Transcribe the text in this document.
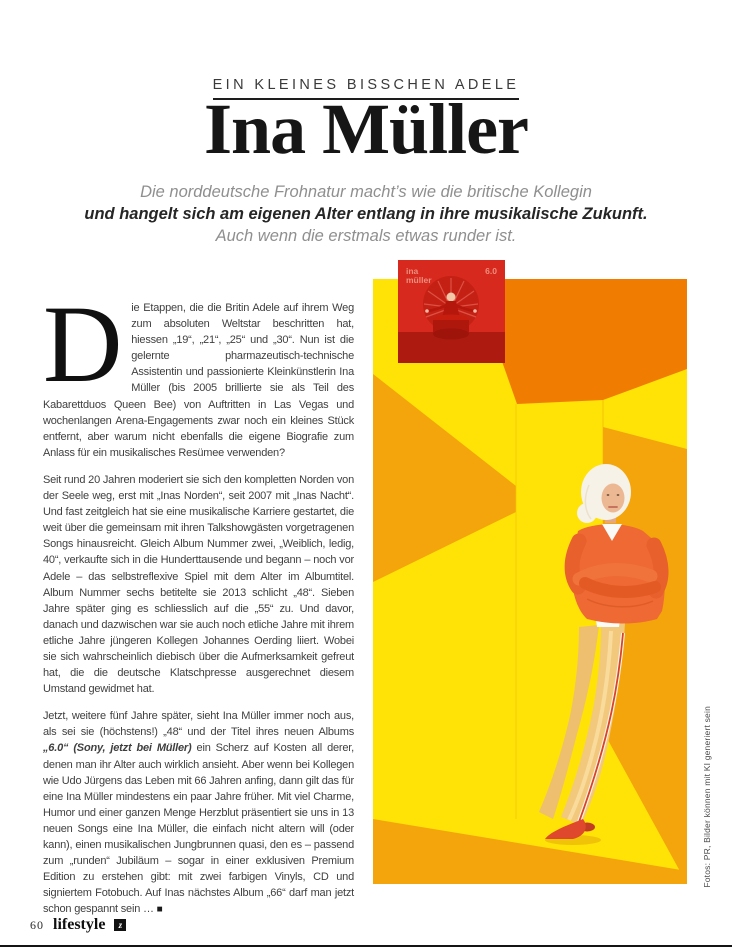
EIN KLEINES BISSCHEN ADELE
Ina Müller
Die norddeutsche Frohnatur macht’s wie die britische Kollegin
und hangelt sich am eigenen Alter entlang in ihre musikalische Zukunft.
Auch wenn die erstmals etwas runder ist.

Die Etappen, die die Britin Adele auf ihrem Weg zum absoluten Weltstar beschritten hat, hiessen „19“, „21“, „25“ und „30“. Nun ist die gelernte pharmazeutisch-technische Assistentin und passionierte Kleinkünstlerin Ina Müller (bis 2005 brillierte sie als Teil des Kabarettduos Queen Bee) von Auftritten in Las Vegas und wochenlangen Arena-Engagements zwar noch ein kleines Stück entfernt, aber warum nicht ebenfalls die eigene Biografie zum Anlass für ein musikalisches Resümee verwenden?

Seit rund 20 Jahren moderiert sie sich den kompletten Norden von der Seele weg, erst mit „Inas Norden“, seit 2007 mit „Inas Nacht“. Und fast zeitgleich hat sie eine musikalische Karriere gestartet, die weit über die gemeinsam mit ihren Talkshowgästen vorgetragenen Songs hinausreicht. Gleich Album Nummer zwei, „Weiblich, ledig, 40“, verkaufte sich in die Hunderttausende und begann – noch vor Adele – das selbstreflexive Spiel mit dem Alter im Albumtitel. Album Nummer sechs betitelte sie 2013 schlicht „48“. Sieben Jahre später ging es schliesslich auf die „55“ zu. Und davor, danach und dazwischen war sie auch noch etliche Jahre mit ihrem etliche Jahre jüngeren Kollegen Johannes Oerding liiert. Wobei sie sich wahrscheinlich diebisch über die Aufmerksamkeit gefreut hat, die die deutsche Klatschpresse ausgerechnet diesem Umstand gewidmet hat.

Jetzt, weitere fünf Jahre später, sieht Ina Müller immer noch aus, als sei sie (höchstens!) „48“ und der Titel ihres neuen Albums „6.0“ (Sony, jetzt bei Müller) ein Scherz auf Kosten all derer, denen man ihr Alter auch wirklich ansieht. Aber wenn bei Kollegen wie Udo Jürgens das Leben mit 66 Jahren anfing, dann gilt das für eine Ina Müller mindestens ein paar Jahre früher. Mit viel Charme, Humor und einer ganzen Menge Herzblut präsentiert sie uns in 13 neuen Songs eine Ina Müller, die einfach nicht altern will (oder kann), einen musikalischen Jungbrunnen quasi, den es – passend zum „runden“ Jubiläum – sogar in einer exklusiven Premium Edition zu erstehen gibt: mit zwei farbigen Vinyls, CD und signiertem Fotobuch. Auf Inas nächstes Album „66“ darf man jetzt schon gespannt sein … ■

ina
müller
6.0
Fotos: PR, Bilder können mit KI generiert sein
60 lifestyle z
